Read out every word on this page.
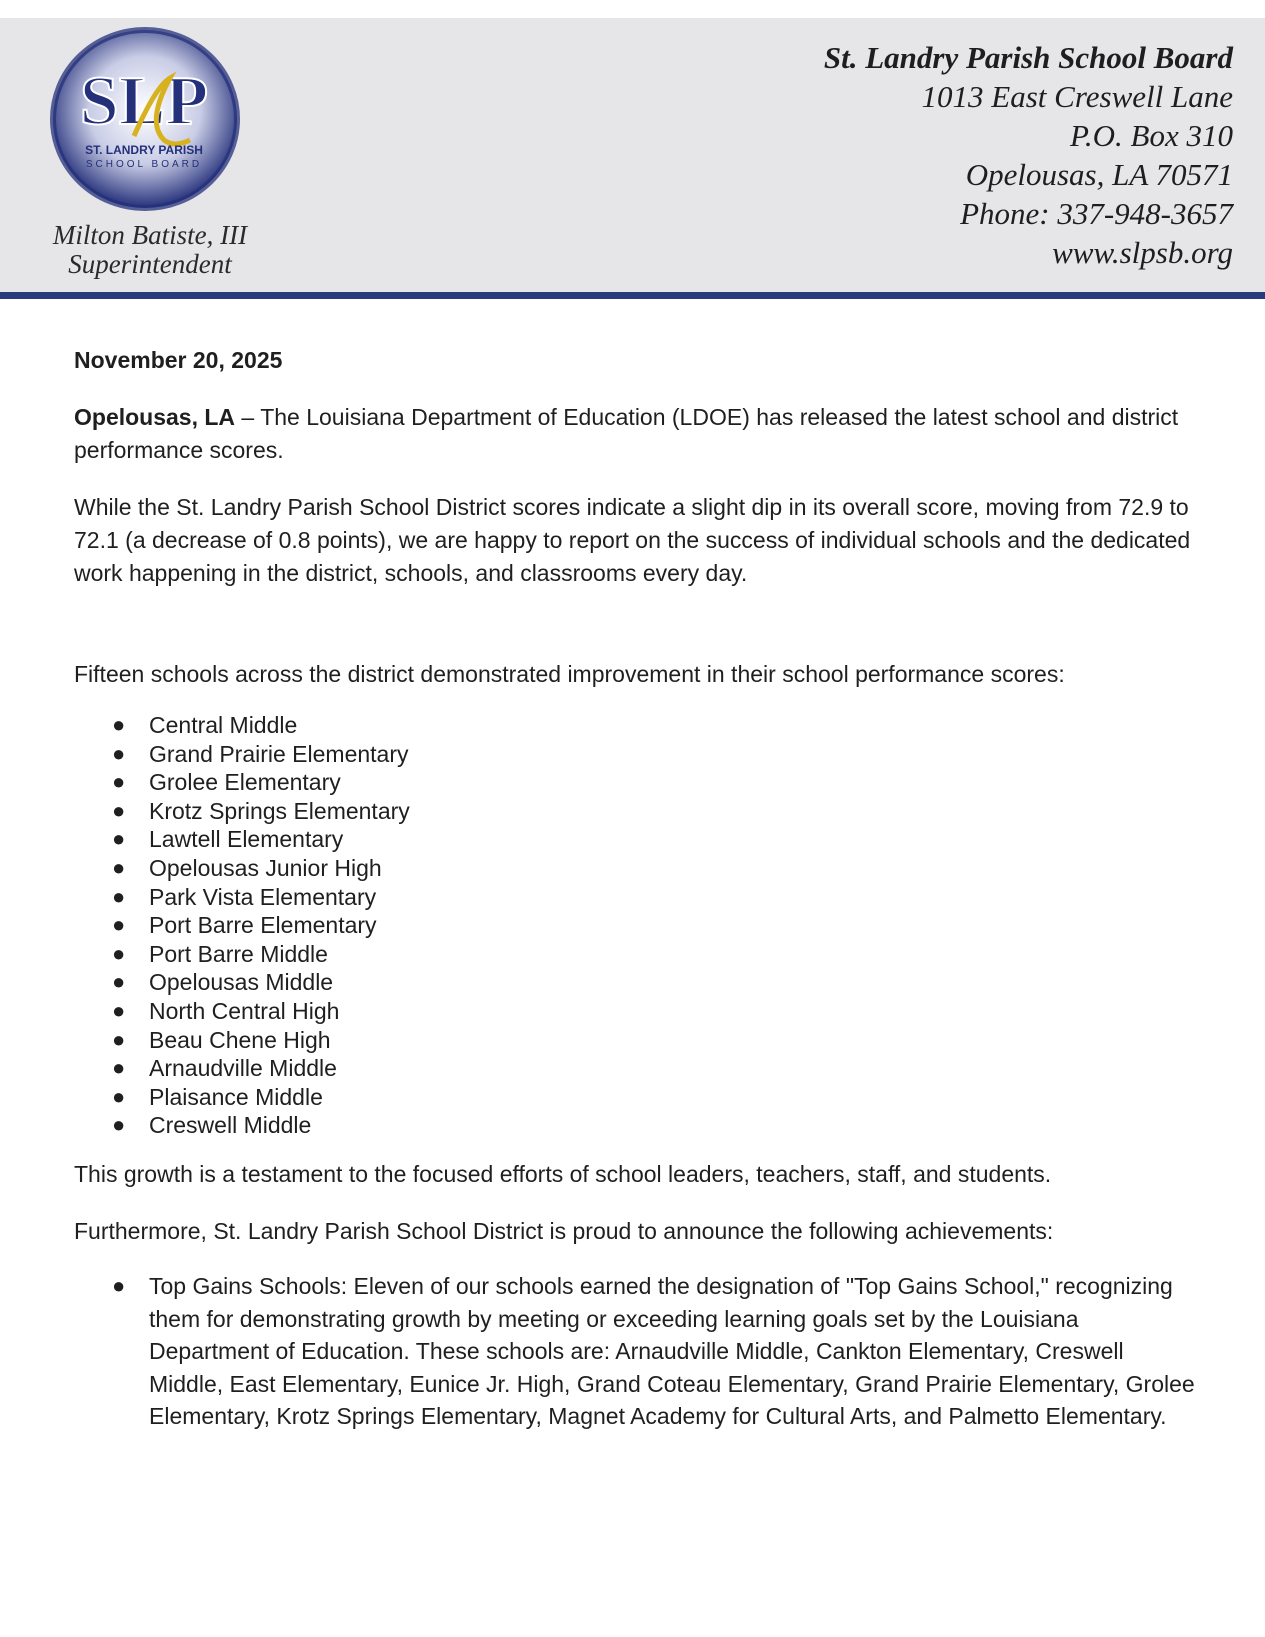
SLP
ST. LANDRY PARISH
SCHOOL BOARD
Milton Batiste, III
Superintendent
St. Landry Parish School Board
1013 East Creswell Lane
P.O. Box 310
Opelousas, LA 70571
Phone: 337-948-3657
www.slpsb.org
November 20, 2025

Opelousas, LA – The Louisiana Department of Education (LDOE) has released the latest school and district performance scores.

While the St. Landry Parish School District scores indicate a slight dip in its overall score, moving from 72.9 to 72.1 (a decrease of 0.8 points), we are happy to report on the success of individual schools and the dedicated work happening in the district, schools, and classrooms every day.

Fifteen schools across the district demonstrated improvement in their school performance scores:

● Central Middle
● Grand Prairie Elementary
● Grolee Elementary
● Krotz Springs Elementary
● Lawtell Elementary
● Opelousas Junior High
● Park Vista Elementary
● Port Barre Elementary
● Port Barre Middle
● Opelousas Middle
● North Central High
● Beau Chene High
● Arnaudville Middle
● Plaisance Middle
● Creswell Middle

This growth is a testament to the focused efforts of school leaders, teachers, staff, and students.

Furthermore, St. Landry Parish School District is proud to announce the following achievements:

● Top Gains Schools: Eleven of our schools earned the designation of "Top Gains School," recognizing them for demonstrating growth by meeting or exceeding learning goals set by the Louisiana Department of Education. These schools are: Arnaudville Middle, Cankton Elementary, Creswell Middle, East Elementary, Eunice Jr. High, Grand Coteau Elementary, Grand Prairie Elementary, Grolee Elementary, Krotz Springs Elementary, Magnet Academy for Cultural Arts, and Palmetto Elementary.
